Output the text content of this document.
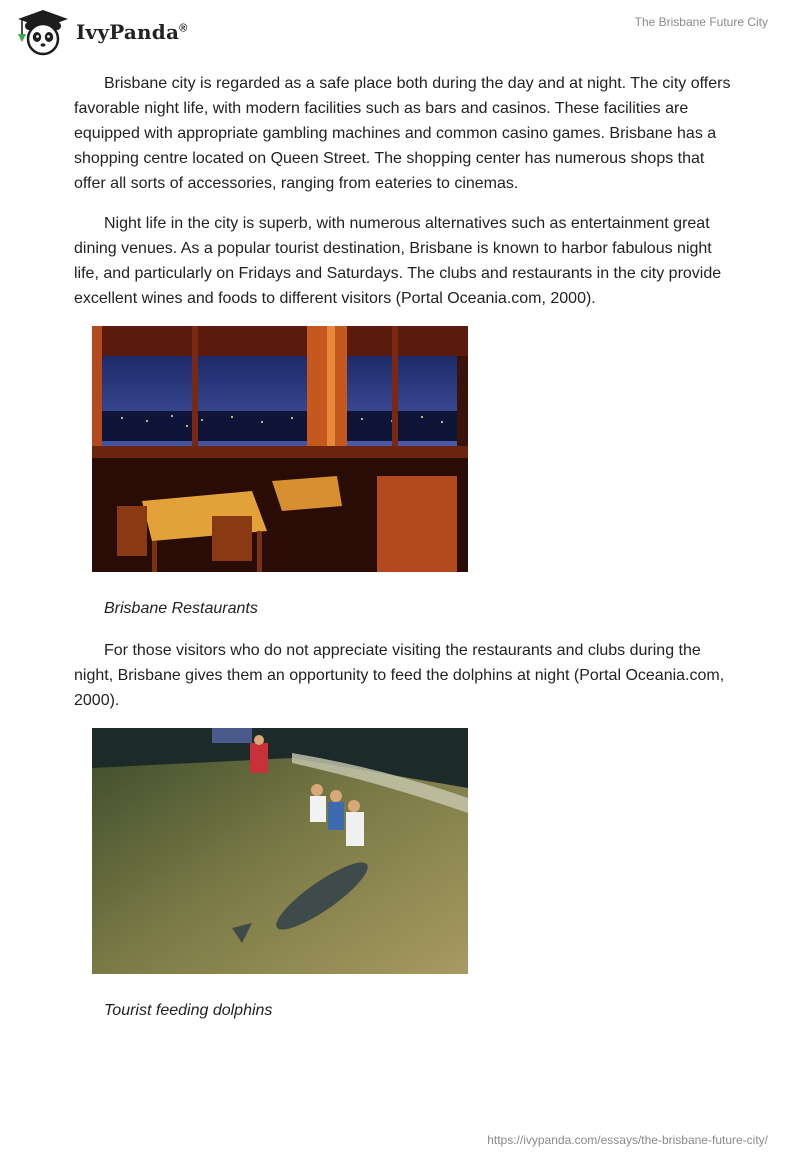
IvyPanda®	The Brisbane Future City

Brisbane city is regarded as a safe place both during the day and at night. The city offers favorable night life, with modern facilities such as bars and casinos. These facilities are equipped with appropriate gambling machines and common casino games. Brisbane has a shopping centre located on Queen Street. The shopping center has numerous shops that offer all sorts of accessories, ranging from eateries to cinemas.

Night life in the city is superb, with numerous alternatives such as entertainment great dining venues. As a popular tourist destination, Brisbane is known to harbor fabulous night life, and particularly on Fridays and Saturdays. The clubs and restaurants in the city provide excellent wines and foods to different visitors (Portal Oceania.com, 2000).

Brisbane Restaurants

For those visitors who do not appreciate visiting the restaurants and clubs during the night, Brisbane gives them an opportunity to feed the dolphins at night (Portal Oceania.com, 2000).

Tourist feeding dolphins

https://ivypanda.com/essays/the-brisbane-future-city/
